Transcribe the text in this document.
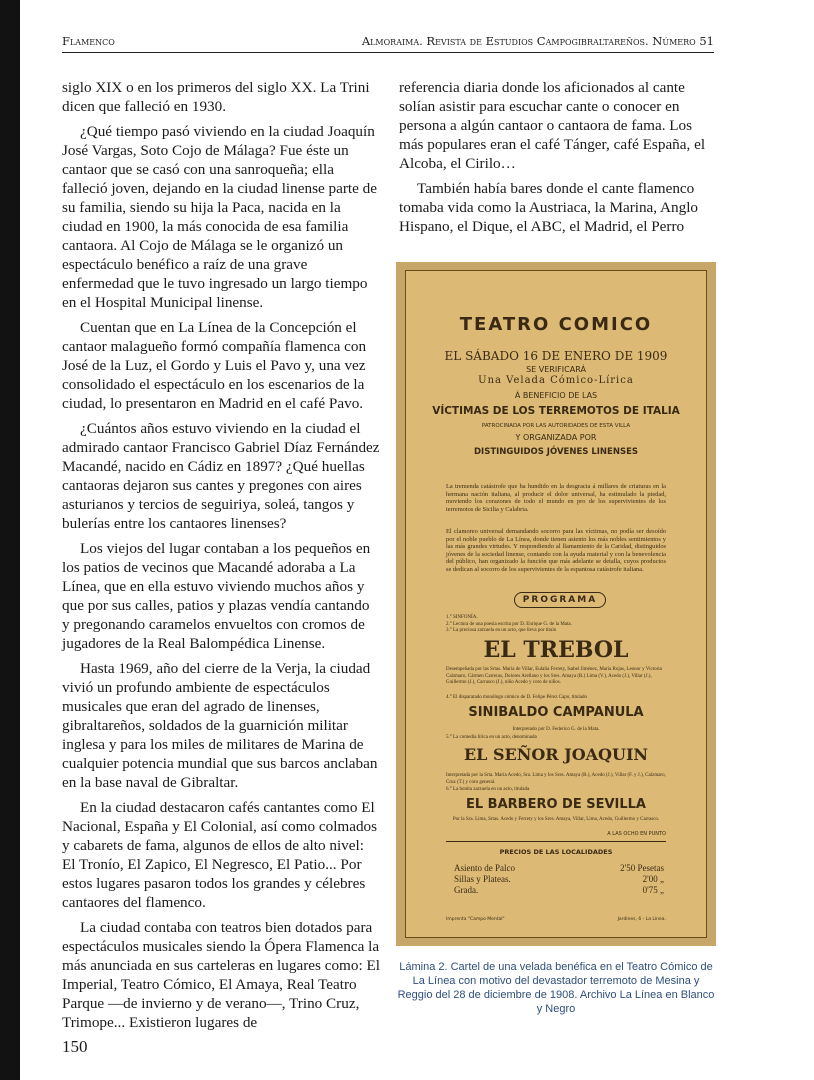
Flamenco	Almoraima. Revista de Estudios Campogibraltareños. Número 51

siglo XIX o en los primeros del siglo XX. La Trini dicen que falleció en 1930.

¿Qué tiempo pasó viviendo en la ciudad Joaquín José Vargas, Soto Cojo de Málaga? Fue éste un cantaor que se casó con una sanroqueña; ella falleció joven, dejando en la ciudad linense parte de su familia, siendo su hija la Paca, nacida en la ciudad en 1900, la más conocida de esa familia cantaora. Al Cojo de Málaga se le organizó un espectáculo benéfico a raíz de una grave enfermedad que le tuvo ingresado un largo tiempo en el Hospital Municipal linense.

Cuentan que en La Línea de la Concepción el cantaor malagueño formó compañía flamenca con José de la Luz, el Gordo y Luis el Pavo y, una vez consolidado el espectáculo en los escenarios de la ciudad, lo presentaron en Madrid en el café Pavo.

¿Cuántos años estuvo viviendo en la ciudad el admirado cantaor Francisco Gabriel Díaz Fernández Macandé, nacido en Cádiz en 1897? ¿Qué huellas cantaoras dejaron sus cantes y pregones con aires asturianos y tercios de seguiriya, soleá, tangos y bulerías entre los cantaores linenses?

Los viejos del lugar contaban a los pequeños en los patios de vecinos que Macandé adoraba a La Línea, que en ella estuvo viviendo muchos años y que por sus calles, patios y plazas vendía cantando y pregonando caramelos envueltos con cromos de jugadores de la Real Balompédica Linense.

Hasta 1969, año del cierre de la Verja, la ciudad vivió un profundo ambiente de espectáculos musicales que eran del agrado de linenses, gibraltareños, soldados de la guarnición militar inglesa y para los miles de militares de Marina de cualquier potencia mundial que sus barcos anclaban en la base naval de Gibraltar.

En la ciudad destacaron cafés cantantes como El Nacional, España y El Colonial, así como colmados y cabarets de fama, algunos de ellos de alto nivel: El Tronío, El Zapico, El Negresco, El Patio... Por estos lugares pasaron todos los grandes y célebres cantaores del flamenco.

La ciudad contaba con teatros bien dotados para espectáculos musicales siendo la Ópera Flamenca la más anunciada en sus carteleras en lugares como: El Imperial, Teatro Cómico, El Amaya, Real Teatro Parque —de invierno y de verano—, Trino Cruz, Trimope... Existieron lugares de

referencia diaria donde los aficionados al cante solían asistir para escuchar cante o conocer en persona a algún cantaor o cantaora de fama. Los más populares eran el café Tánger, café España, el Alcoba, el Cirilo…

También había bares donde el cante flamenco tomaba vida como la Austriaca, la Marina, Anglo Hispano, el Dique, el ABC, el Madrid, el Perro

TEATRO COMICO
EL SÁBADO 16 DE ENERO DE 1909
SE VERIFICARÁ
Una Velada Cómico-Lírica
Á BENEFICIO DE LAS
VÍCTIMAS DE LOS TERREMOTOS DE ITALIA
PATROCINADA POR LAS AUTORIDADES DE ESTA VILLA
Y ORGANIZADA POR
DISTINGUIDOS JÓVENES LINENSES
La tremenda catástrofe que ha hundido en la desgracia á millares de criaturas en la hermana nación italiana, al producir el dolor universal, ha estimulado la piedad, moviendo los corazones de todo el mundo en pro de los supervivientes de los terremotos de Sicilia y Calabria.
El clamoreo universal demandando socorro para las víctimas, no podía ser desoído por el noble pueblo de La Línea, donde tienen asiento los más nobles sentimientos y las más grandes virtudes. Y respondiendo al llamamiento de la Caridad, distinguidos jóvenes de la sociedad linense, contando con la ayuda material y con la benevolencia del público, han organizado la función que más adelante se detalla, cuyos productos se dedican al socorro de los supervivientes de la espantosa catástrofe italiana.
PROGRAMA
1.° SINFONÍA.
2.° Lectura de una poesía escrita por D. Enrique G. de la Mata.
3.° La preciosa zarzuela en un acto, que lleva por título
EL TREBOL
Desempeñada por las Srtas. María de Villar, Eulalia Ferrety, Isabel Jiménez, María Rojas, Leonor y Victoria Calzmaro, Cármen Carreras, Dolores Arellano y los Sres. Amaya (R.) Lima (V.), Acedo (J.), Villar (J.), Guillermo (J.), Carrasco (J.), niño Acedo y coro de niños.
4.° El disparatado monólogo cómico de D. Felipe Pérez Capo, titulado
SINIBALDO CAMPANULA
Interpretado por D. Federico G. de la Mata.
5.° La comedia lírica en un acto, denominada
EL SEÑOR JOAQUIN
Interpretada por la Srta. María Acedo, Sra. Lima y los Sres. Amaya (R.), Acedo (J.), Villar (F. y J.), Calzmaro, Cruz (T.) y coro general.
6.° La bonita zarzuela en un acto, titulada
EL BARBERO DE SEVILLA
Por la Sra. Lima, Srtas. Acedo y Ferrety y los Sres. Amaya, Villar, Lima, Acedo, Guillermo y Carrasco.
A LAS OCHO EN PUNTO
PRECIOS DE LAS LOCALIDADES
Asiento de Palco	2'50 Pesetas
Sillas y Plateas.	2'00 „
Grada.	0'75 „
Imprenta "Campo Mental"	Jardines, 6 - La Línea.
Lámina 2. Cartel de una velada benéfica en el Teatro Cómico de La Línea con motivo del devastador terremoto de Mesina y Reggio del 28 de diciembre de 1908. Archivo La Línea en Blanco y Negro
150
